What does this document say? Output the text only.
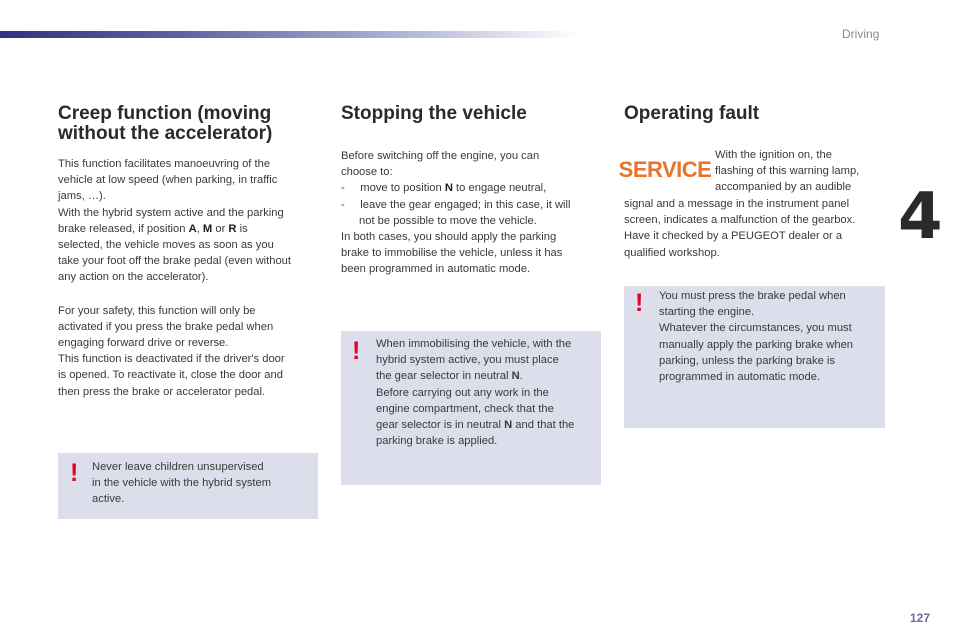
Driving
4
Creep function (moving
without the accelerator)
This function facilitates manoeuvring of the
vehicle at low speed (when parking, in traffic
jams, …).
With the hybrid system active and the parking
brake released, if position A, M or R is
selected, the vehicle moves as soon as you
take your foot off the brake pedal (even without
any action on the accelerator).
For your safety, this function will only be
activated if you press the brake pedal when
engaging forward drive or reverse.
This function is deactivated if the driver's door
is opened. To reactivate it, close the door and
then press the brake or accelerator pedal.
! Never leave children unsupervised
in the vehicle with the hybrid system
active.
Stopping the vehicle
Before switching off the engine, you can
choose to:
-     move to position N to engage neutral,
-     leave the gear engaged; in this case, it will
not be possible to move the vehicle.
In both cases, you should apply the parking
brake to immobilise the vehicle, unless it has
been programmed in automatic mode.
! When immobilising the vehicle, with the
hybrid system active, you must place
the gear selector in neutral N.
Before carrying out any work in the
engine compartment, check that the
gear selector is in neutral N and that the
parking brake is applied.
Operating fault
SERVICE
With the ignition on, the
flashing of this warning lamp,
accompanied by an audible
signal and a message in the instrument panel
screen, indicates a malfunction of the gearbox.
Have it checked by a PEUGEOT dealer or a
qualified workshop.
! You must press the brake pedal when
starting the engine.
Whatever the circumstances, you must
manually apply the parking brake when
parking, unless the parking brake is
programmed in automatic mode.
127
